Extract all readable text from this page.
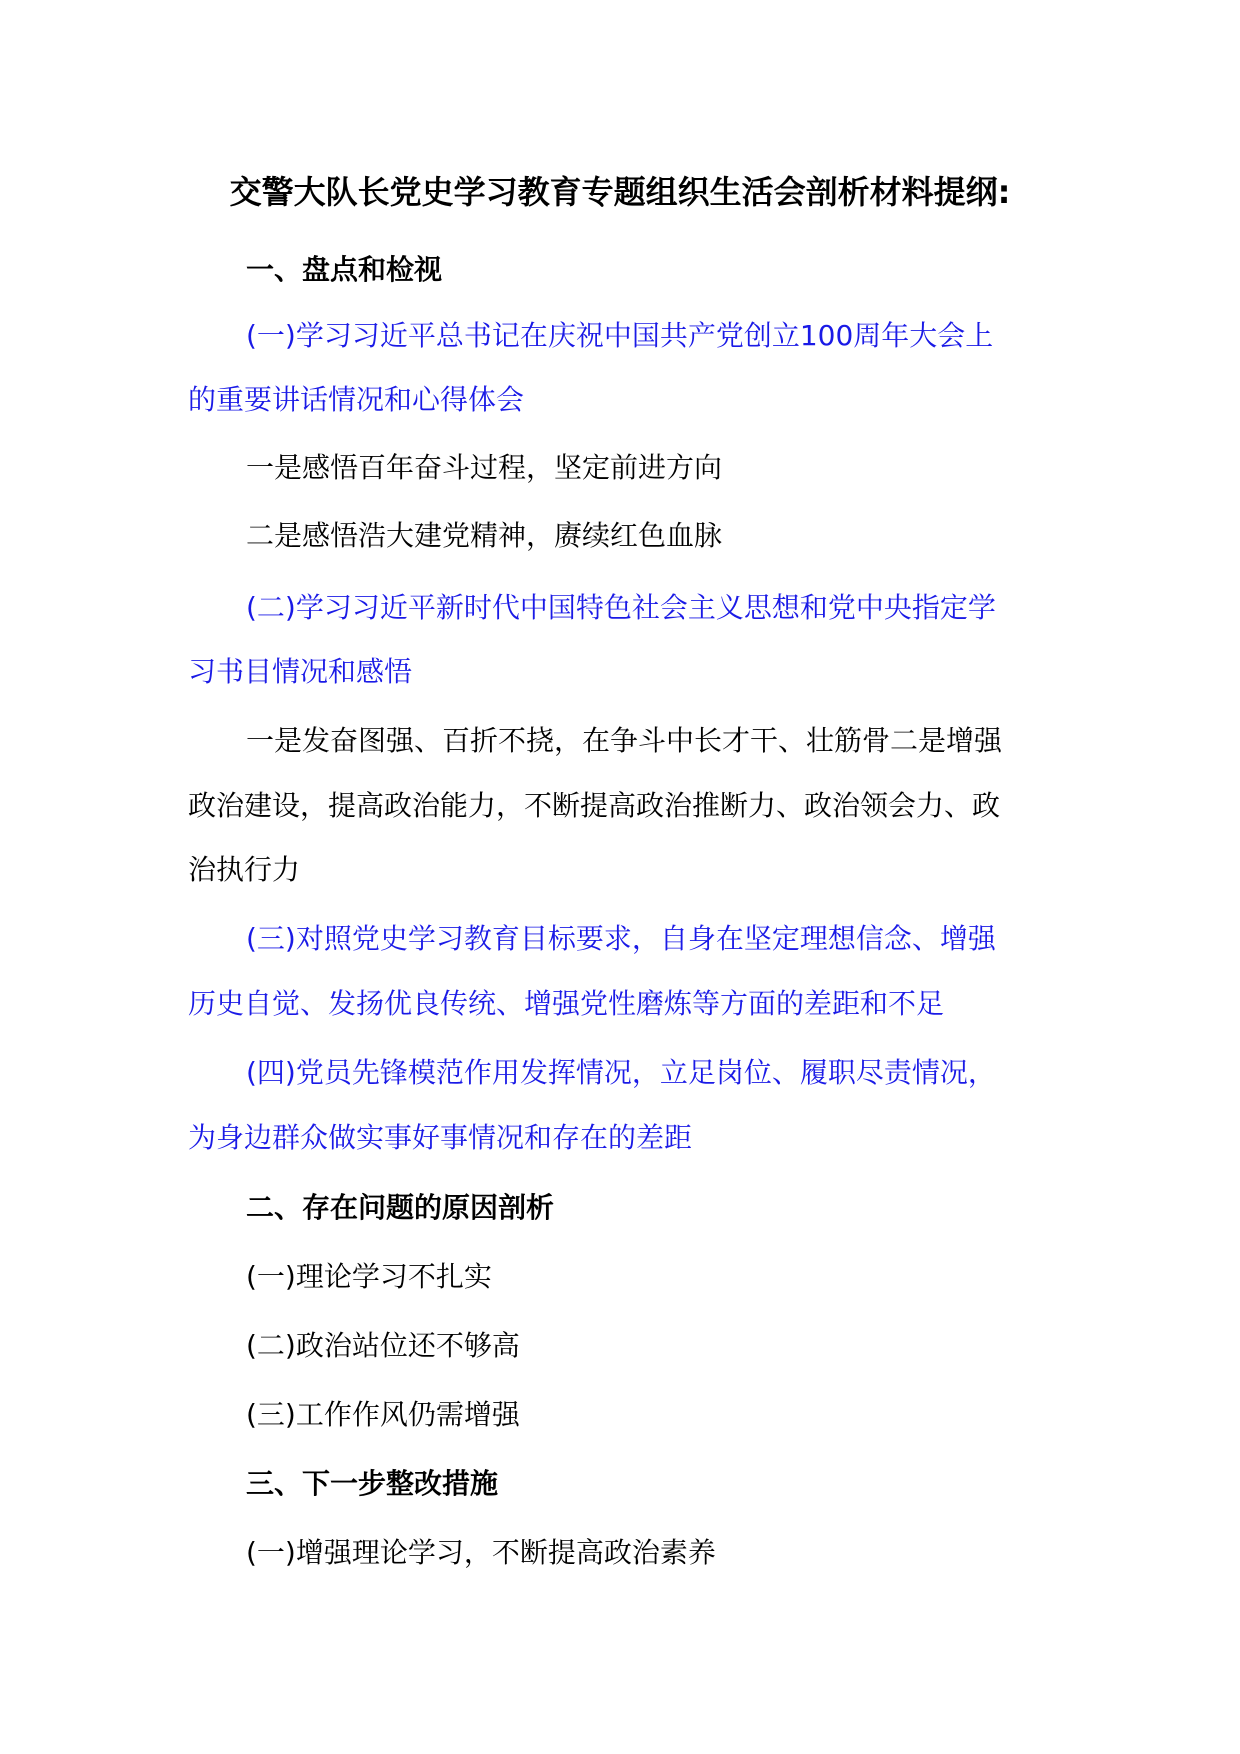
交警大队长党史学习教育专题组织生活会剖析材料提纲:
一、盘点和检视
(一)学习习近平总书记在庆祝中国共产党创立100周年大会上
的重要讲话情况和心得体会
一是感悟百年奋斗过程，坚定前进方向
二是感悟浩大建党精神，赓续红色血脉
(二)学习习近平新时代中国特色社会主义思想和党中央指定学
习书目情况和感悟
一是发奋图强、百折不挠，在争斗中长才干、壮筋骨二是增强
政治建设，提高政治能力，不断提高政治推断力、政治领会力、政
治执行力
(三)对照党史学习教育目标要求，自身在坚定理想信念、增强
历史自觉、发扬优良传统、增强党性磨炼等方面的差距和不足
(四)党员先锋模范作用发挥情况，立足岗位、履职尽责情况，
为身边群众做实事好事情况和存在的差距
二、存在问题的原因剖析
(一)理论学习不扎实
(二)政治站位还不够高
(三)工作作风仍需增强
三、下一步整改措施
(一)增强理论学习，不断提高政治素养
